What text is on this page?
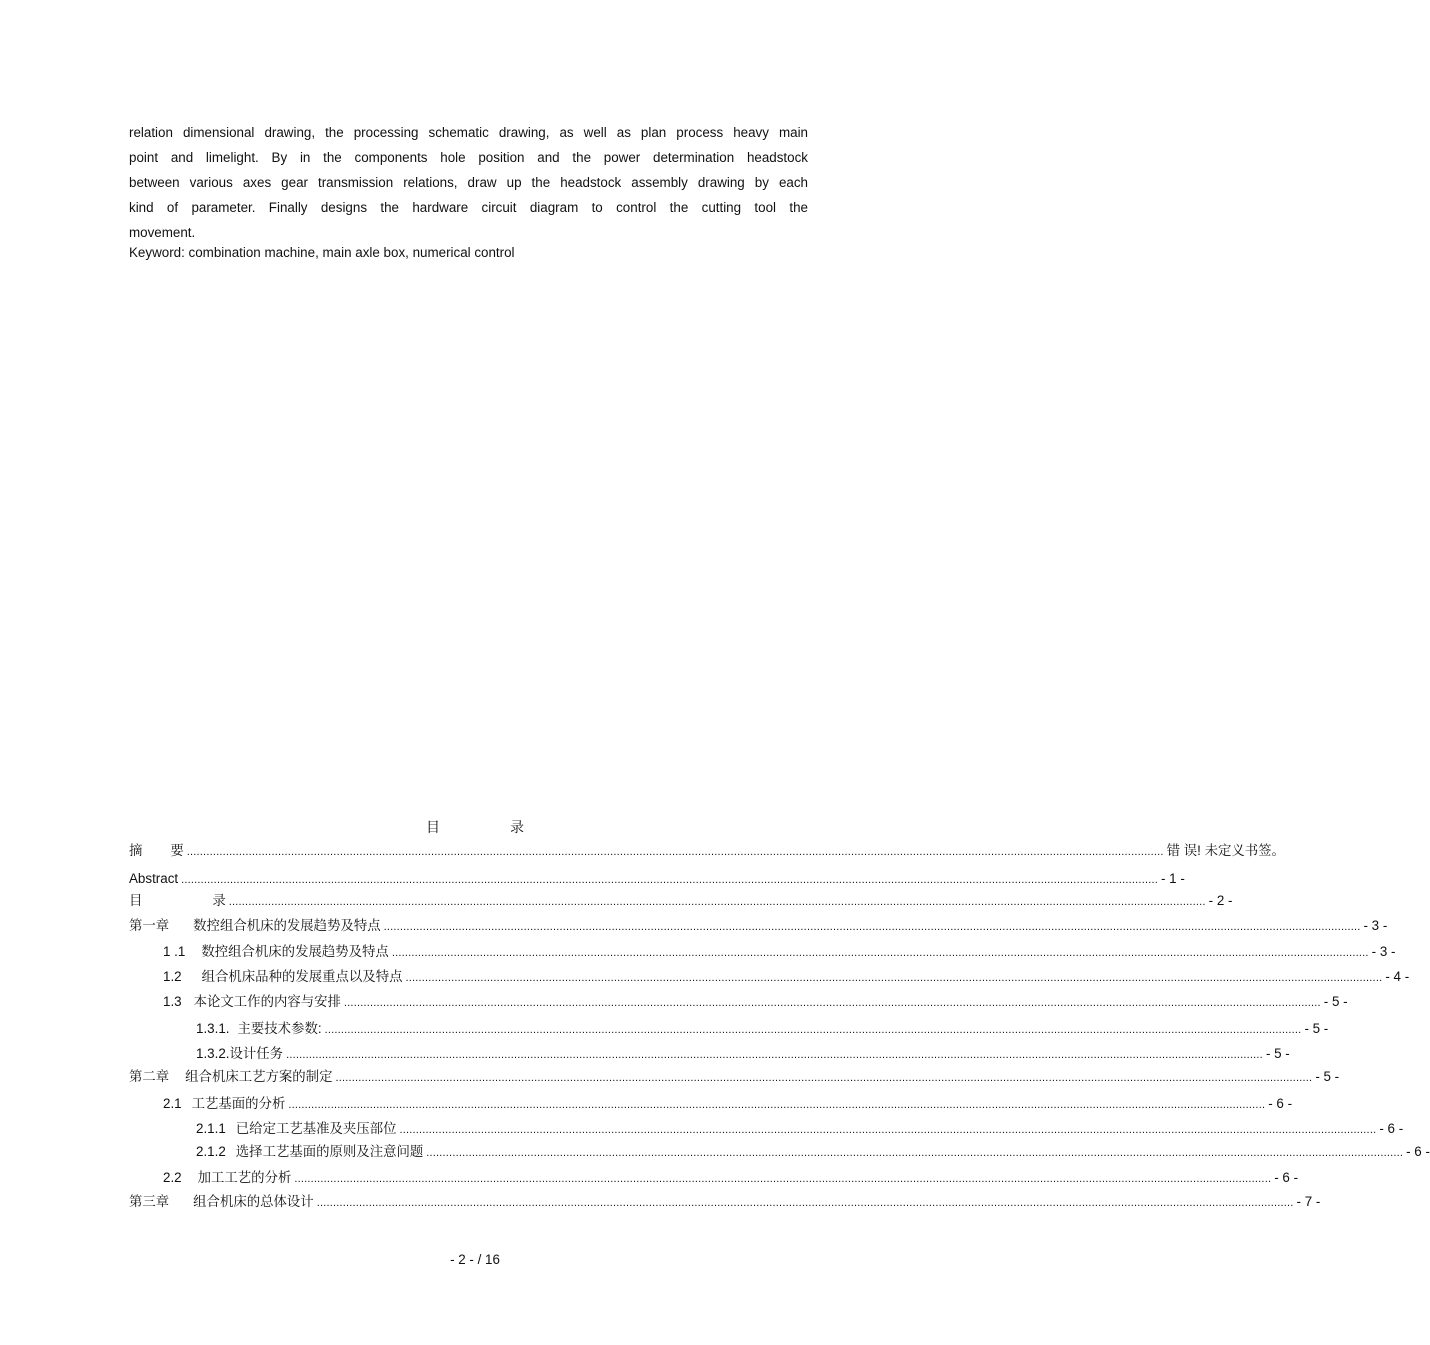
relation dimensional drawing, the processing schematic drawing, as well as plan process heavy main
point and limelight. By in the components hole position and the power determination headstock
between various axes gear transmission relations, draw up the headstock assembly drawing by each
kind of parameter. Finally designs the hardware circuit diagram to control the cutting tool the
movement.
Keyword: combination machine, main axle box, numerical control
目	录
摘 要 ............................................................................................................................................................................................................................................................................................................ 错 误! 未定义书签。
Abstract ............................................................................................................................................................................................................................................................................................................ - 1 -
目	录 ............................................................................................................................................................................................................................................................................................................ - 2 -
第一章 数控组合机床的发展趋势及特点 ............................................................................................................................................................................................................................................................................................................ - 3 -
1 .1 数控组合机床的发展趋势及特点 ............................................................................................................................................................................................................................................................................................................ - 3 -
1.2 组合机床品种的发展重点以及特点 ............................................................................................................................................................................................................................................................................................................ - 4 -
1.3 本论文工作的内容与安排 ............................................................................................................................................................................................................................................................................................................ - 5 -
1.3.1. 主要技术参数: ............................................................................................................................................................................................................................................................................................................ - 5 -
1.3.2. 设计任务 ............................................................................................................................................................................................................................................................................................................ - 5 -
第二章 组合机床工艺方案的制定 ............................................................................................................................................................................................................................................................................................................ - 5 -
2.1 工艺基面的分析 ............................................................................................................................................................................................................................................................................................................ - 6 -
2.1.1 已给定工艺基准及夹压部位 ............................................................................................................................................................................................................................................................................................................ - 6 -
2.1.2 选择工艺基面的原则及注意问题 ............................................................................................................................................................................................................................................................................................................ - 6 -
2.2 加工工艺的分析 ............................................................................................................................................................................................................................................................................................................ - 6 -
第三章 组合机床的总体设计 ............................................................................................................................................................................................................................................................................................................ - 7 -
- 2 - / 16
